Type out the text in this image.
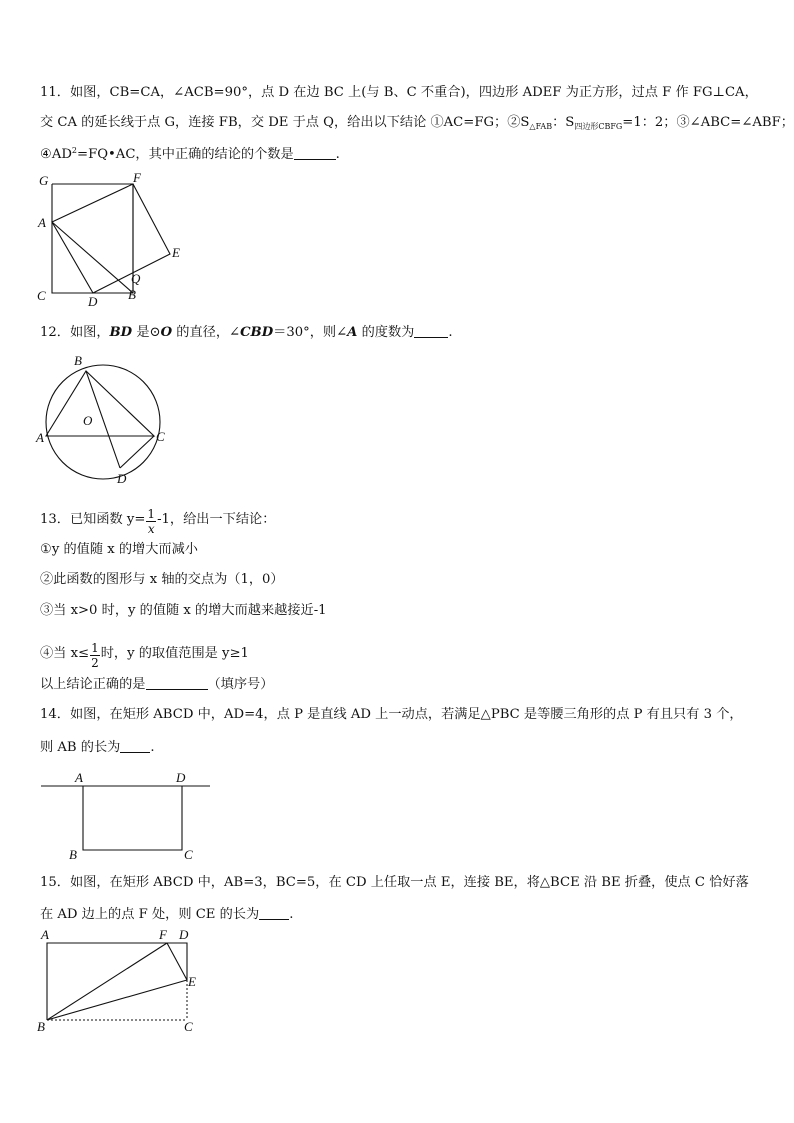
11．如图，CB=CA，∠ACB=90°，点 D 在边 BC 上(与 B、C 不重合)，四边形 ADEF 为正方形，过点 F 作 FG⊥CA，
交 CA 的延长线于点 G，连接 FB，交 DE 于点 Q，给出以下结论 ①AC=FG；$②S_{\triangle FAB}$：$S_{四边形CBFG}=1$：2；③∠ABC=∠ABF；
$④AD^2=FQ•AC$，其中正确的结论的个数是	.
G	F
A
E
Q
C	D B
12．如图，BD 是⊙O 的直径，∠CBD＝30°，则∠A 的度数为	.
B
O
A	C
D
13．已知函数 $y= \frac{1}{x} -1$，给出一下结论：
①y 的值随 x 的增大而减小
②此函数的图形与 x 轴的交点为（1，0）
③当 x>0 时，y 的值随 x 的增大而越来越接近-1
④当 $x\le \frac{1}{2}$ 时，y 的取值范围是 y≥1
以上结论正确的是	（填序号）
14．如图，在矩形 ABCD 中，AD=4，点 P 是直线 AD 上一动点，若满足△PBC 是等腰三角形的点 P 有且只有 3 个，
则 AB 的长为 .
A	D
B	C
15．如图，在矩形 ABCD 中，AB=3，BC=5，在 CD 上任取一点 E，连接 BE，将△BCE 沿 BE 折叠，使点 C 恰好落
在 AD 边上的点 F 处，则 CE 的长为 .
A	F D
E
B	C
